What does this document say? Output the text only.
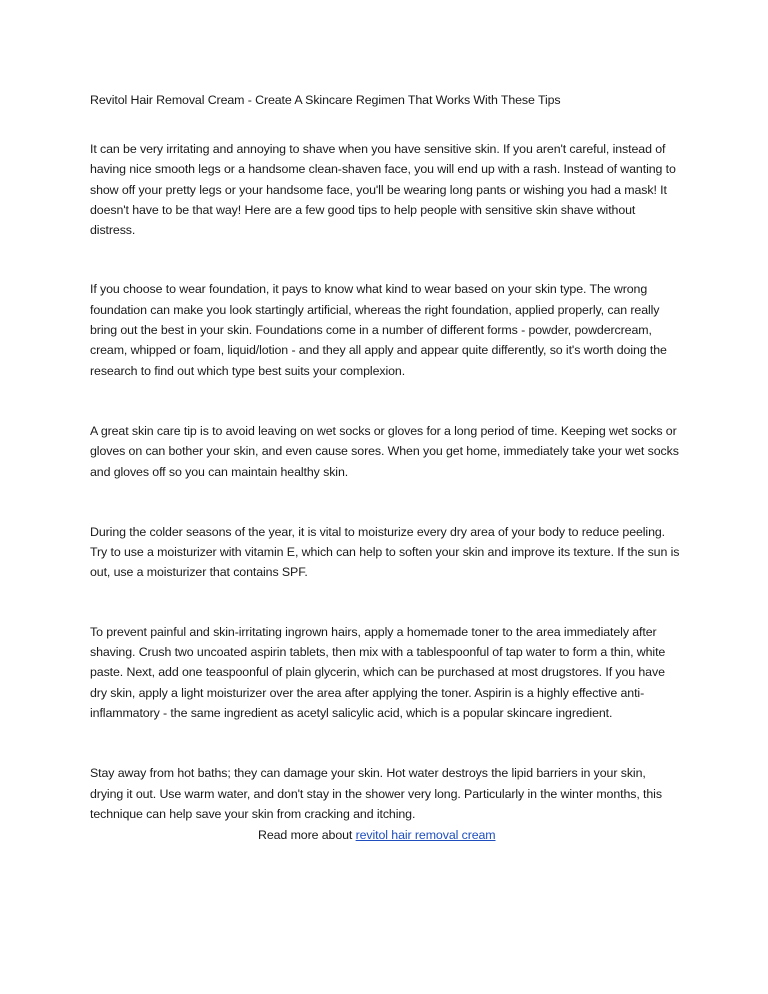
Revitol Hair Removal Cream - Create A Skincare Regimen That Works With These Tips

It can be very irritating and annoying to shave when you have sensitive skin. If you aren't careful, instead of having nice smooth legs or a handsome clean-shaven face, you will end up with a rash. Instead of wanting to show off your pretty legs or your handsome face, you'll be wearing long pants or wishing you had a mask! It doesn't have to be that way! Here are a few good tips to help people with sensitive skin shave without distress.

If you choose to wear foundation, it pays to know what kind to wear based on your skin type. The wrong foundation can make you look startingly artificial, whereas the right foundation, applied properly, can really bring out the best in your skin. Foundations come in a number of different forms - powder, powdercream, cream, whipped or foam, liquid/lotion - and they all apply and appear quite differently, so it's worth doing the research to find out which type best suits your complexion.

A great skin care tip is to avoid leaving on wet socks or gloves for a long period of time. Keeping wet socks or gloves on can bother your skin, and even cause sores. When you get home, immediately take your wet socks and gloves off so you can maintain healthy skin.

During the colder seasons of the year, it is vital to moisturize every dry area of your body to reduce peeling. Try to use a moisturizer with vitamin E, which can help to soften your skin and improve its texture. If the sun is out, use a moisturizer that contains SPF.

To prevent painful and skin-irritating ingrown hairs, apply a homemade toner to the area immediately after shaving. Crush two uncoated aspirin tablets, then mix with a tablespoonful of tap water to form a thin, white paste. Next, add one teaspoonful of plain glycerin, which can be purchased at most drugstores. If you have dry skin, apply a light moisturizer over the area after applying the toner. Aspirin is a highly effective anti-inflammatory - the same ingredient as acetyl salicylic acid, which is a popular skincare ingredient.

Stay away from hot baths; they can damage your skin. Hot water destroys the lipid barriers in your skin, drying it out. Use warm water, and don't stay in the shower very long. Particularly in the winter months, this technique can help save your skin from cracking and itching.

Read more about revitol hair removal cream
